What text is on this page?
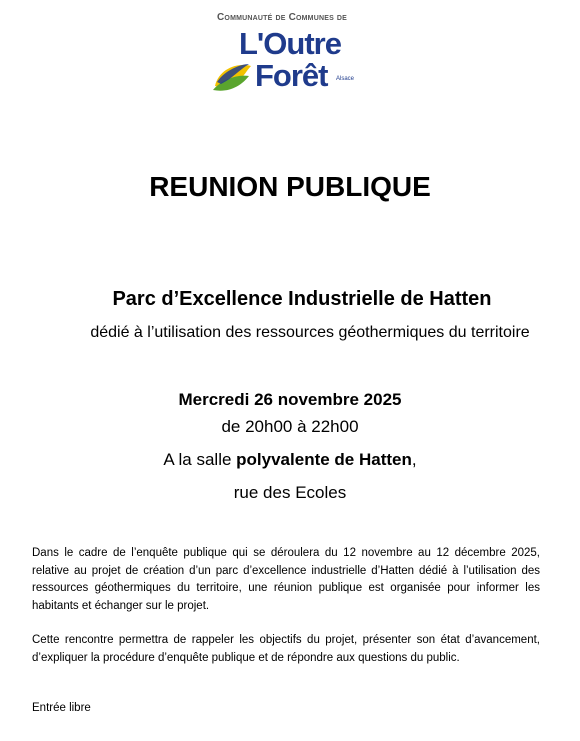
Communauté de Communes de
L'Outre
Forêt Alsace
REUNION PUBLIQUE
Parc d’Excellence Industrielle de Hatten
dédié à l’utilisation des ressources géothermiques du territoire
Mercredi 26 novembre 2025
de 20h00 à 22h00
A la salle polyvalente de Hatten,
rue des Ecoles
Dans le cadre de l’enquête publique qui se déroulera du 12 novembre au 12 décembre 2025, relative au projet de création d’un parc d’excellence industrielle d’Hatten dédié à l’utilisation des ressources géothermiques du territoire, une réunion publique est organisée pour informer les habitants et échanger sur le projet.
Cette rencontre permettra de rappeler les objectifs du projet, présenter son état d’avancement, d’expliquer la procédure d’enquête publique et de répondre aux questions du public.
Entrée libre
